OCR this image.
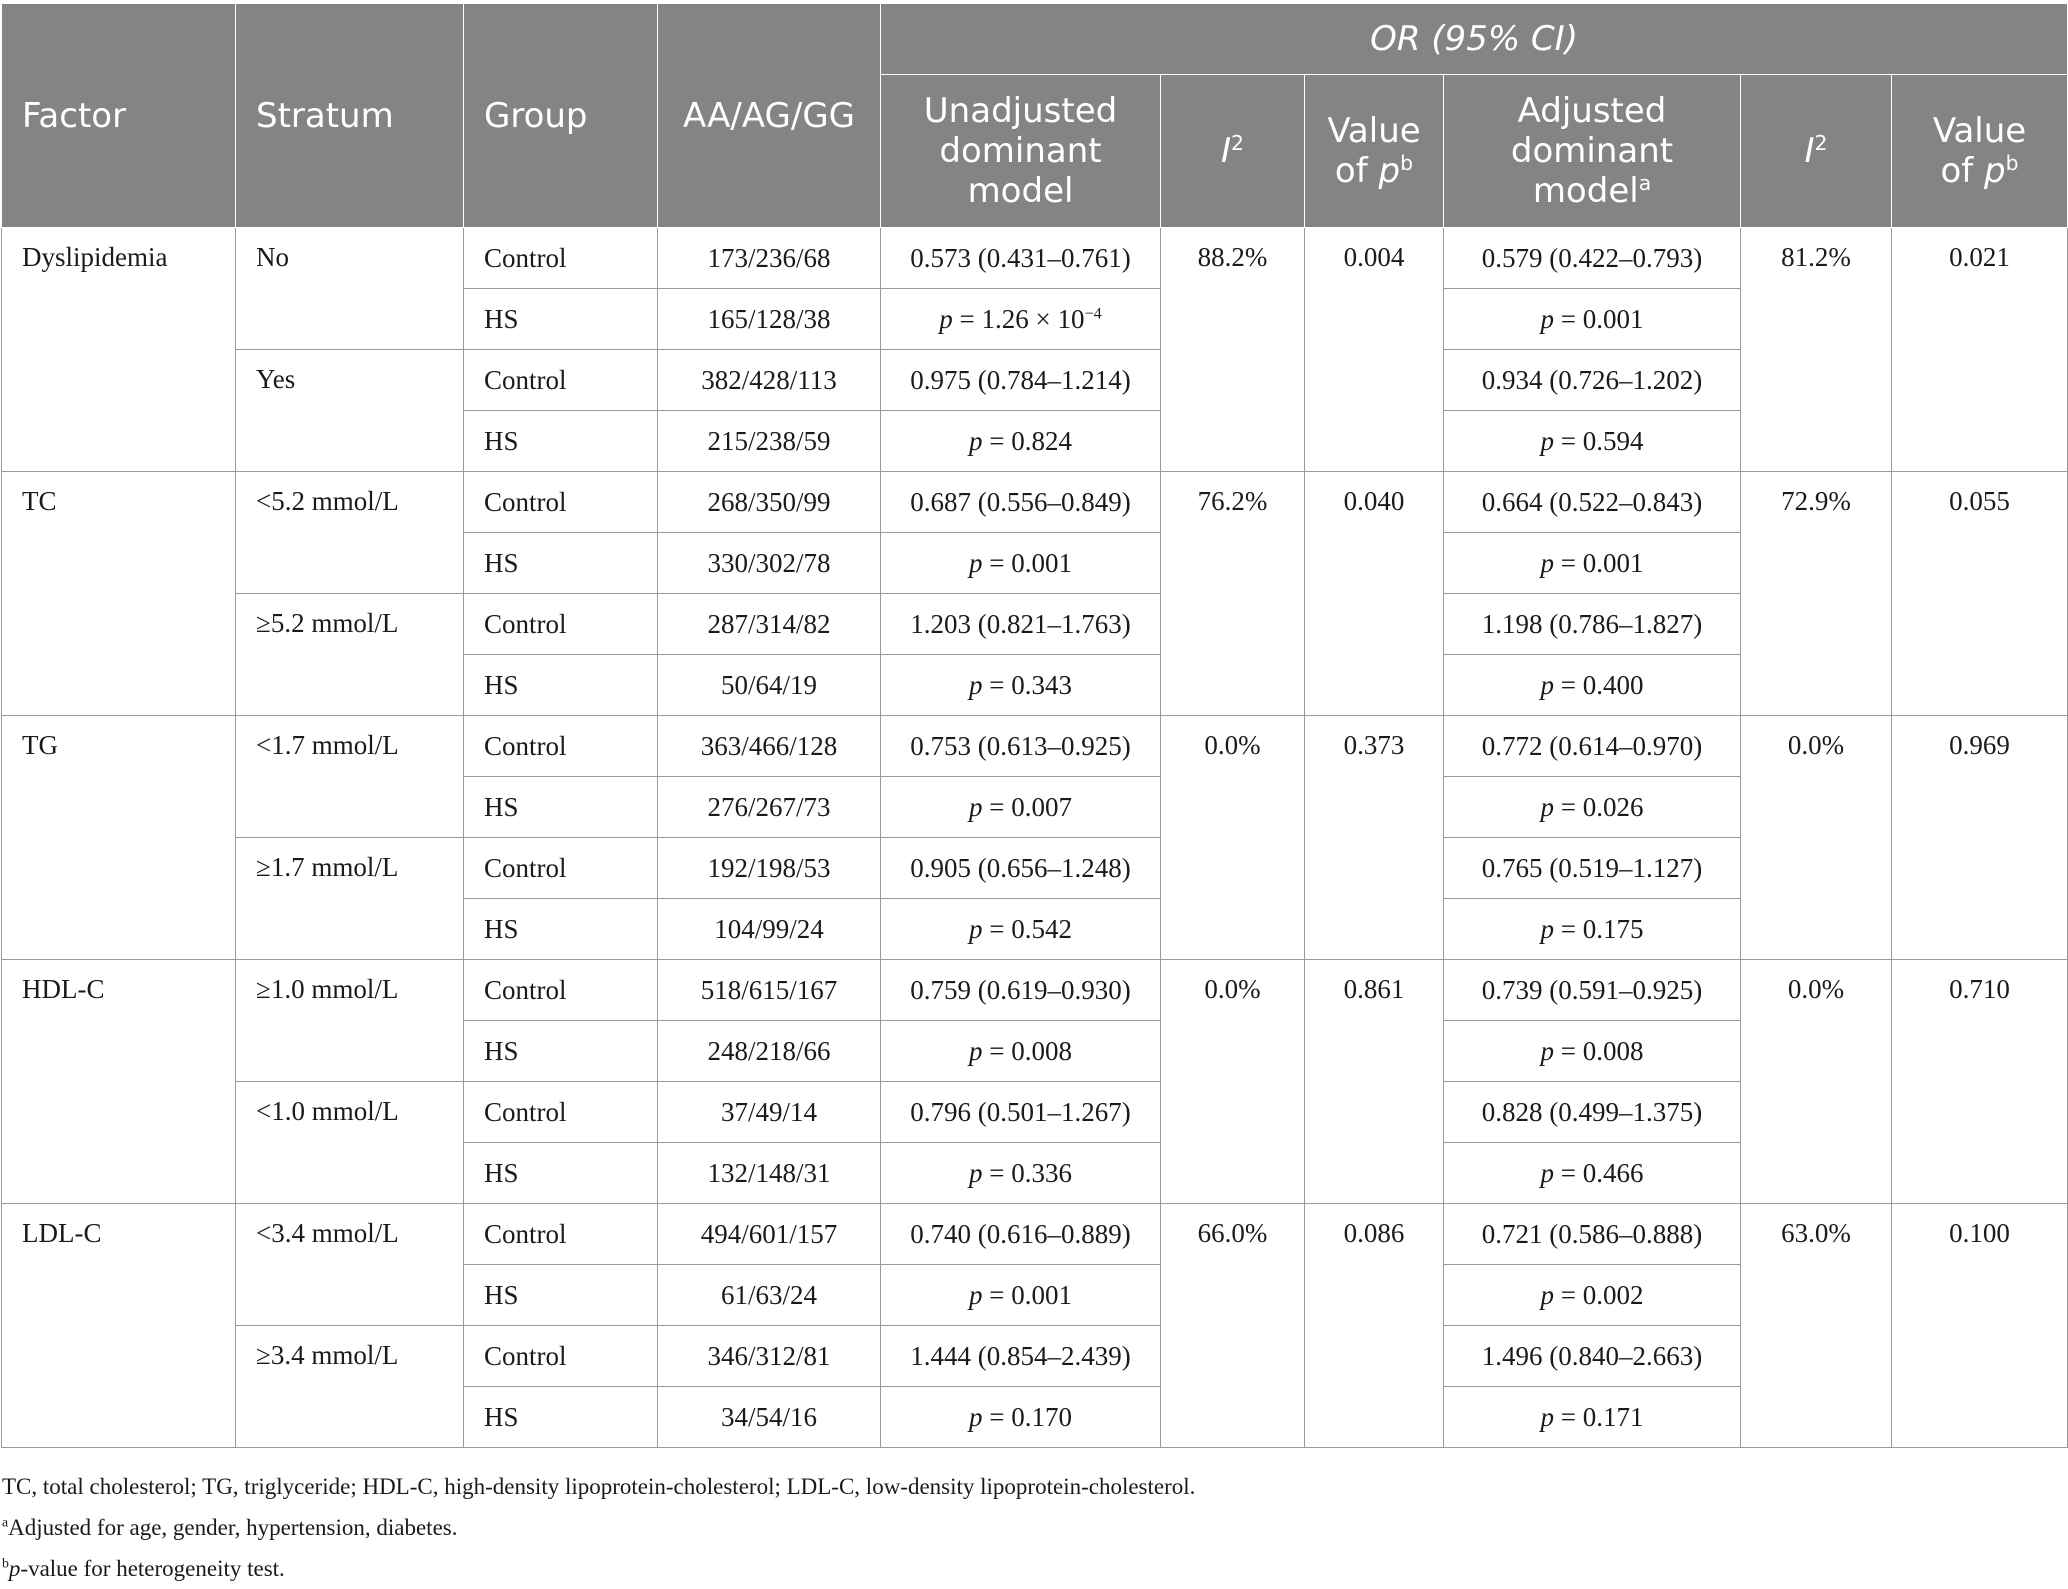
Factor	Stratum	Group	AA/AG/GG	OR (95% CI)					
				Unadjusted dominant model	$I^2$	Value of $p^b$	Adjusted dominant model$^a$	$I^2$	Value of $p^b$
Dyslipidemia	No	Control	173/236/68	0.573 (0.431–0.761)	88.2%	0.004	0.579 (0.422–0.793)	81.2%	0.021
		HS	165/128/38	$p = 1.26 \times 10^{-4}$			p = 0.001		
	Yes	Control	382/428/113	0.975 (0.784–1.214)			0.934 (0.726–1.202)		
		HS	215/238/59	p = 0.824			p = 0.594		
TC	<5.2 mmol/L	Control	268/350/99	0.687 (0.556–0.849)	76.2%	0.040	0.664 (0.522–0.843)	72.9%	0.055
		HS	330/302/78	p = 0.001			p = 0.001		
	≥5.2 mmol/L	Control	287/314/82	1.203 (0.821–1.763)			1.198 (0.786–1.827)		
		HS	50/64/19	p = 0.343			p = 0.400		
TG	<1.7 mmol/L	Control	363/466/128	0.753 (0.613–0.925)	0.0%	0.373	0.772 (0.614–0.970)	0.0%	0.969
		HS	276/267/73	p = 0.007			p = 0.026		
	≥1.7 mmol/L	Control	192/198/53	0.905 (0.656–1.248)			0.765 (0.519–1.127)		
		HS	104/99/24	p = 0.542			p = 0.175		
HDL-C	≥1.0 mmol/L	Control	518/615/167	0.759 (0.619–0.930)	0.0%	0.861	0.739 (0.591–0.925)	0.0%	0.710
		HS	248/218/66	p = 0.008			p = 0.008		
	<1.0 mmol/L	Control	37/49/14	0.796 (0.501–1.267)			0.828 (0.499–1.375)		
		HS	132/148/31	p = 0.336			p = 0.466		
LDL-C	<3.4 mmol/L	Control	494/601/157	0.740 (0.616–0.889)	66.0%	0.086	0.721 (0.586–0.888)	63.0%	0.100
		HS	61/63/24	p = 0.001			p = 0.002		
	≥3.4 mmol/L	Control	346/312/81	1.444 (0.854–2.439)			1.496 (0.840–2.663)		
		HS	34/54/16	p = 0.170			p = 0.171		
TC, total cholesterol; TG, triglyceride; HDL-C, high-density lipoprotein-cholesterol; LDL-C, low-density lipoprotein-cholesterol.
$^a$Adjusted for age, gender, hypertension, diabetes.
$^b$p-value for heterogeneity test.
